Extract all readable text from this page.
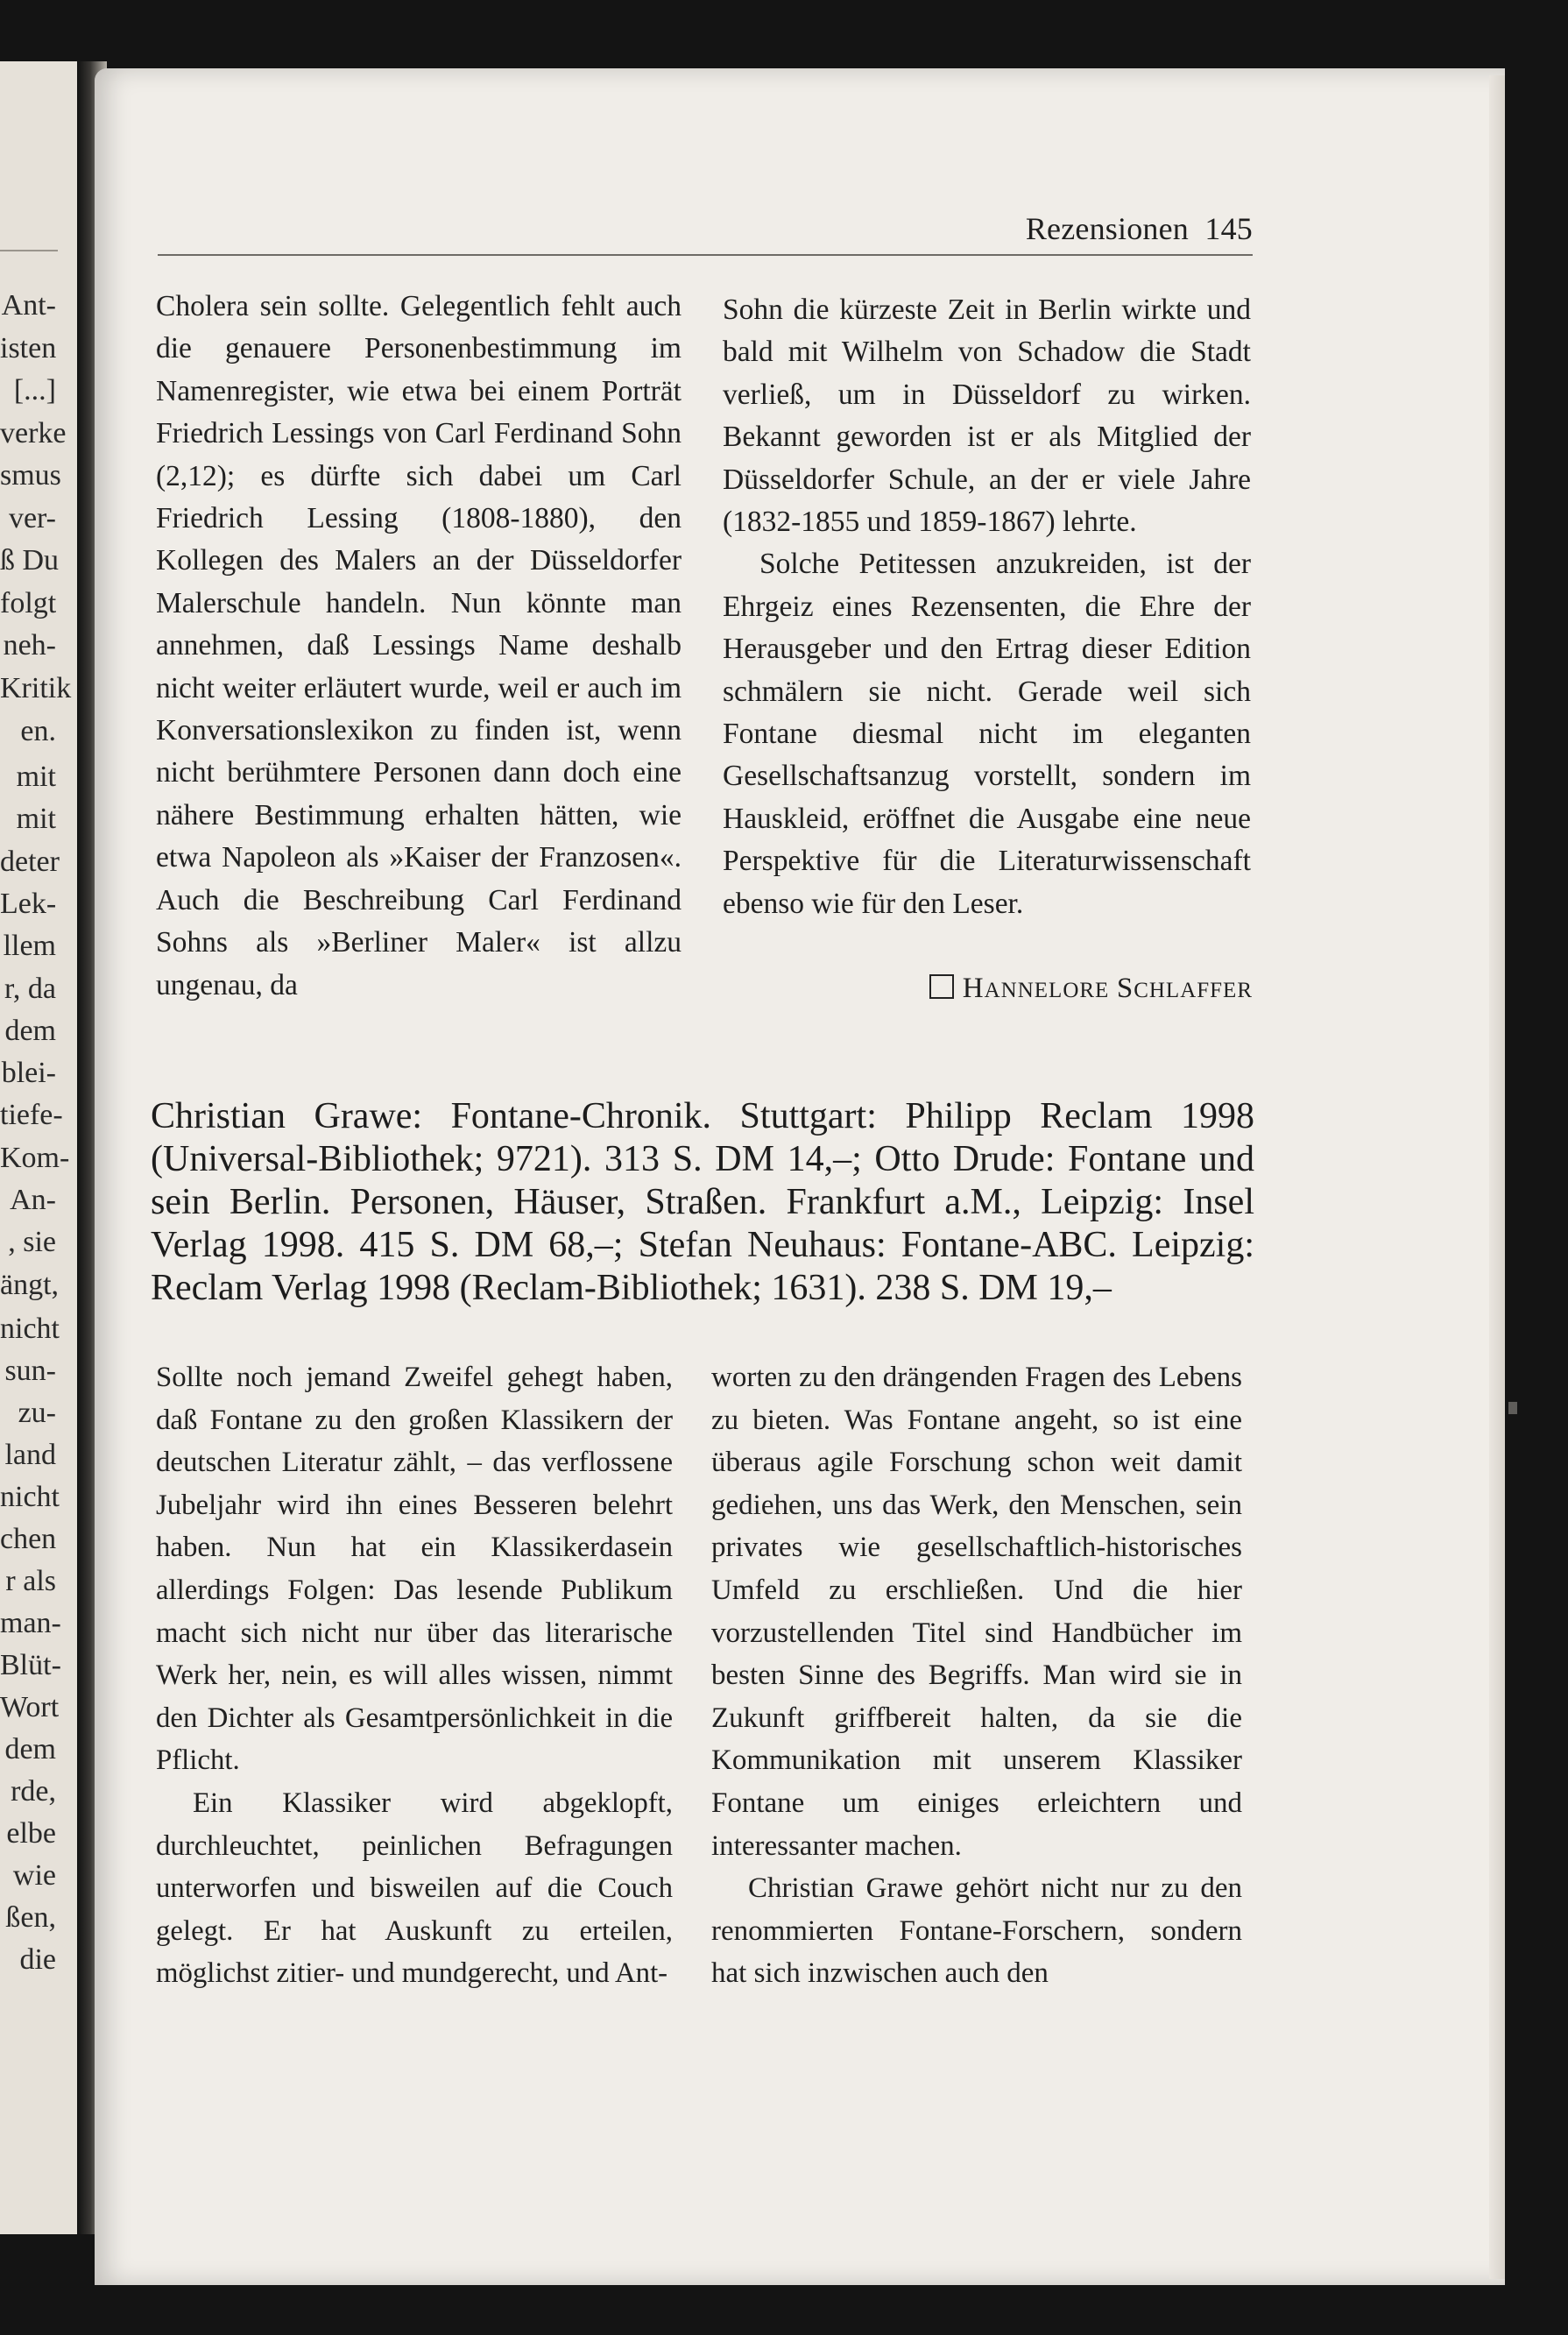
Ant-
isten
[...]
verke
smus
ver-
ß Du
folgt
neh-
Kritik
en.
mit
mit
deter
Lek-
llem
r, da
dem
blei-
tiefe-
Kom-
An-
, sie
ängt,
nicht
sun-
zu-
land
nicht
chen
r als
man-
Blüt-
Wort
dem
rde,
elbe
wie
ßen,
die
Rezensionen 145

Cholera sein sollte. Gelegentlich fehlt auch die genauere Personenbestimmung im Namenregister, wie etwa bei einem Porträt Friedrich Lessings von Carl Ferdinand Sohn (2,12); es dürfte sich dabei um Carl Friedrich Lessing (1808-1880), den Kollegen des Malers an der Düsseldorfer Malerschule handeln. Nun könnte man annehmen, daß Lessings Name deshalb nicht weiter erläutert wurde, weil er auch im Konversationslexikon zu finden ist, wenn nicht berühmtere Personen dann doch eine nähere Bestimmung erhalten hätten, wie etwa Napoleon als »Kaiser der Franzosen«. Auch die Beschreibung Carl Ferdinand Sohns als »Berliner Maler« ist allzu ungenau, da

Sohn die kürzeste Zeit in Berlin wirkte und bald mit Wilhelm von Schadow die Stadt verließ, um in Düsseldorf zu wirken. Bekannt geworden ist er als Mitglied der Düsseldorfer Schule, an der er viele Jahre (1832-1855 und 1859-1867) lehrte.

Solche Petitessen anzukreiden, ist der Ehrgeiz eines Rezensenten, die Ehre der Herausgeber und den Ertrag dieser Edition schmälern sie nicht. Gerade weil sich Fontane diesmal nicht im eleganten Gesellschaftsanzug vorstellt, sondern im Hauskleid, eröffnet die Ausgabe eine neue Perspektive für die Literaturwissenschaft ebenso wie für den Leser.

HANNELORE SCHLAFFER
Christian Grawe: Fontane-Chronik. Stuttgart: Philipp Reclam 1998 (Universal-Bibliothek; 9721). 313 S. DM 14,–; Otto Drude: Fontane und sein Berlin. Personen, Häuser, Straßen. Frankfurt a.M., Leipzig: Insel Verlag 1998. 415 S. DM 68,–; Stefan Neuhaus: Fontane-ABC. Leipzig: Reclam Verlag 1998 (Reclam-Bibliothek; 1631). 238 S. DM 19,–

Sollte noch jemand Zweifel gehegt haben, daß Fontane zu den großen Klassikern der deutschen Literatur zählt, – das verflossene Jubeljahr wird ihn eines Besseren belehrt haben. Nun hat ein Klassikerdasein allerdings Folgen: Das lesende Publikum macht sich nicht nur über das literarische Werk her, nein, es will alles wissen, nimmt den Dichter als Gesamtpersönlichkeit in die Pflicht.

Ein Klassiker wird abgeklopft, durchleuchtet, peinlichen Befragungen unterworfen und bisweilen auf die Couch gelegt. Er hat Auskunft zu erteilen, möglichst zitier- und mundgerecht, und Ant-

worten zu den drängenden Fragen des Lebens zu bieten. Was Fontane angeht, so ist eine überaus agile Forschung schon weit damit gediehen, uns das Werk, den Menschen, sein privates wie gesellschaftlich-historisches Umfeld zu erschließen. Und die hier vorzustellenden Titel sind Handbücher im besten Sinne des Begriffs. Man wird sie in Zukunft griffbereit halten, da sie die Kommunikation mit unserem Klassiker Fontane um einiges erleichtern und interessanter machen.

Christian Grawe gehört nicht nur zu den renommierten Fontane-Forschern, sondern hat sich inzwischen auch den
